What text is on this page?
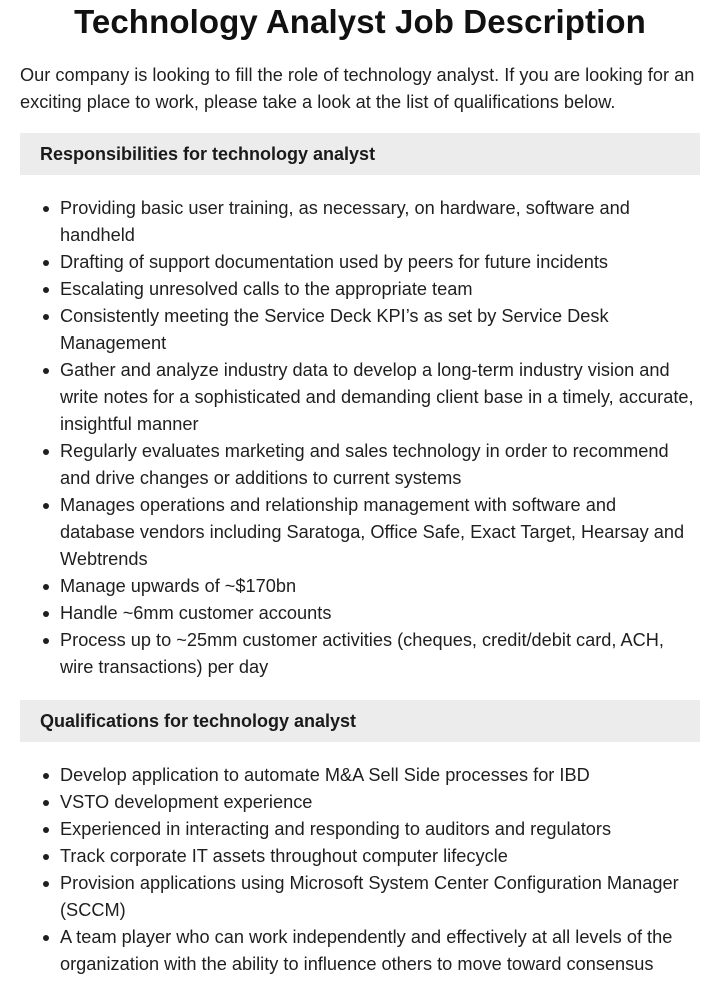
Technology Analyst Job Description

Our company is looking to fill the role of technology analyst. If you are looking for an exciting place to work, please take a look at the list of qualifications below.

Responsibilities for technology analyst
Providing basic user training, as necessary, on hardware, software and handheld
Drafting of support documentation used by peers for future incidents
Escalating unresolved calls to the appropriate team
Consistently meeting the Service Deck KPI’s as set by Service Desk Management
Gather and analyze industry data to develop a long-term industry vision and write notes for a sophisticated and demanding client base in a timely, accurate, insightful manner
Regularly evaluates marketing and sales technology in order to recommend and drive changes or additions to current systems
Manages operations and relationship management with software and database vendors including Saratoga, Office Safe, Exact Target, Hearsay and Webtrends
Manage upwards of ~$170bn
Handle ~6mm customer accounts
Process up to ~25mm customer activities (cheques, credit/debit card, ACH, wire transactions) per day
Qualifications for technology analyst
Develop application to automate M&A Sell Side processes for IBD
VSTO development experience
Experienced in interacting and responding to auditors and regulators
Track corporate IT assets throughout computer lifecycle
Provision applications using Microsoft System Center Configuration Manager (SCCM)
A team player who can work independently and effectively at all levels of the organization with the ability to influence others to move toward consensus
